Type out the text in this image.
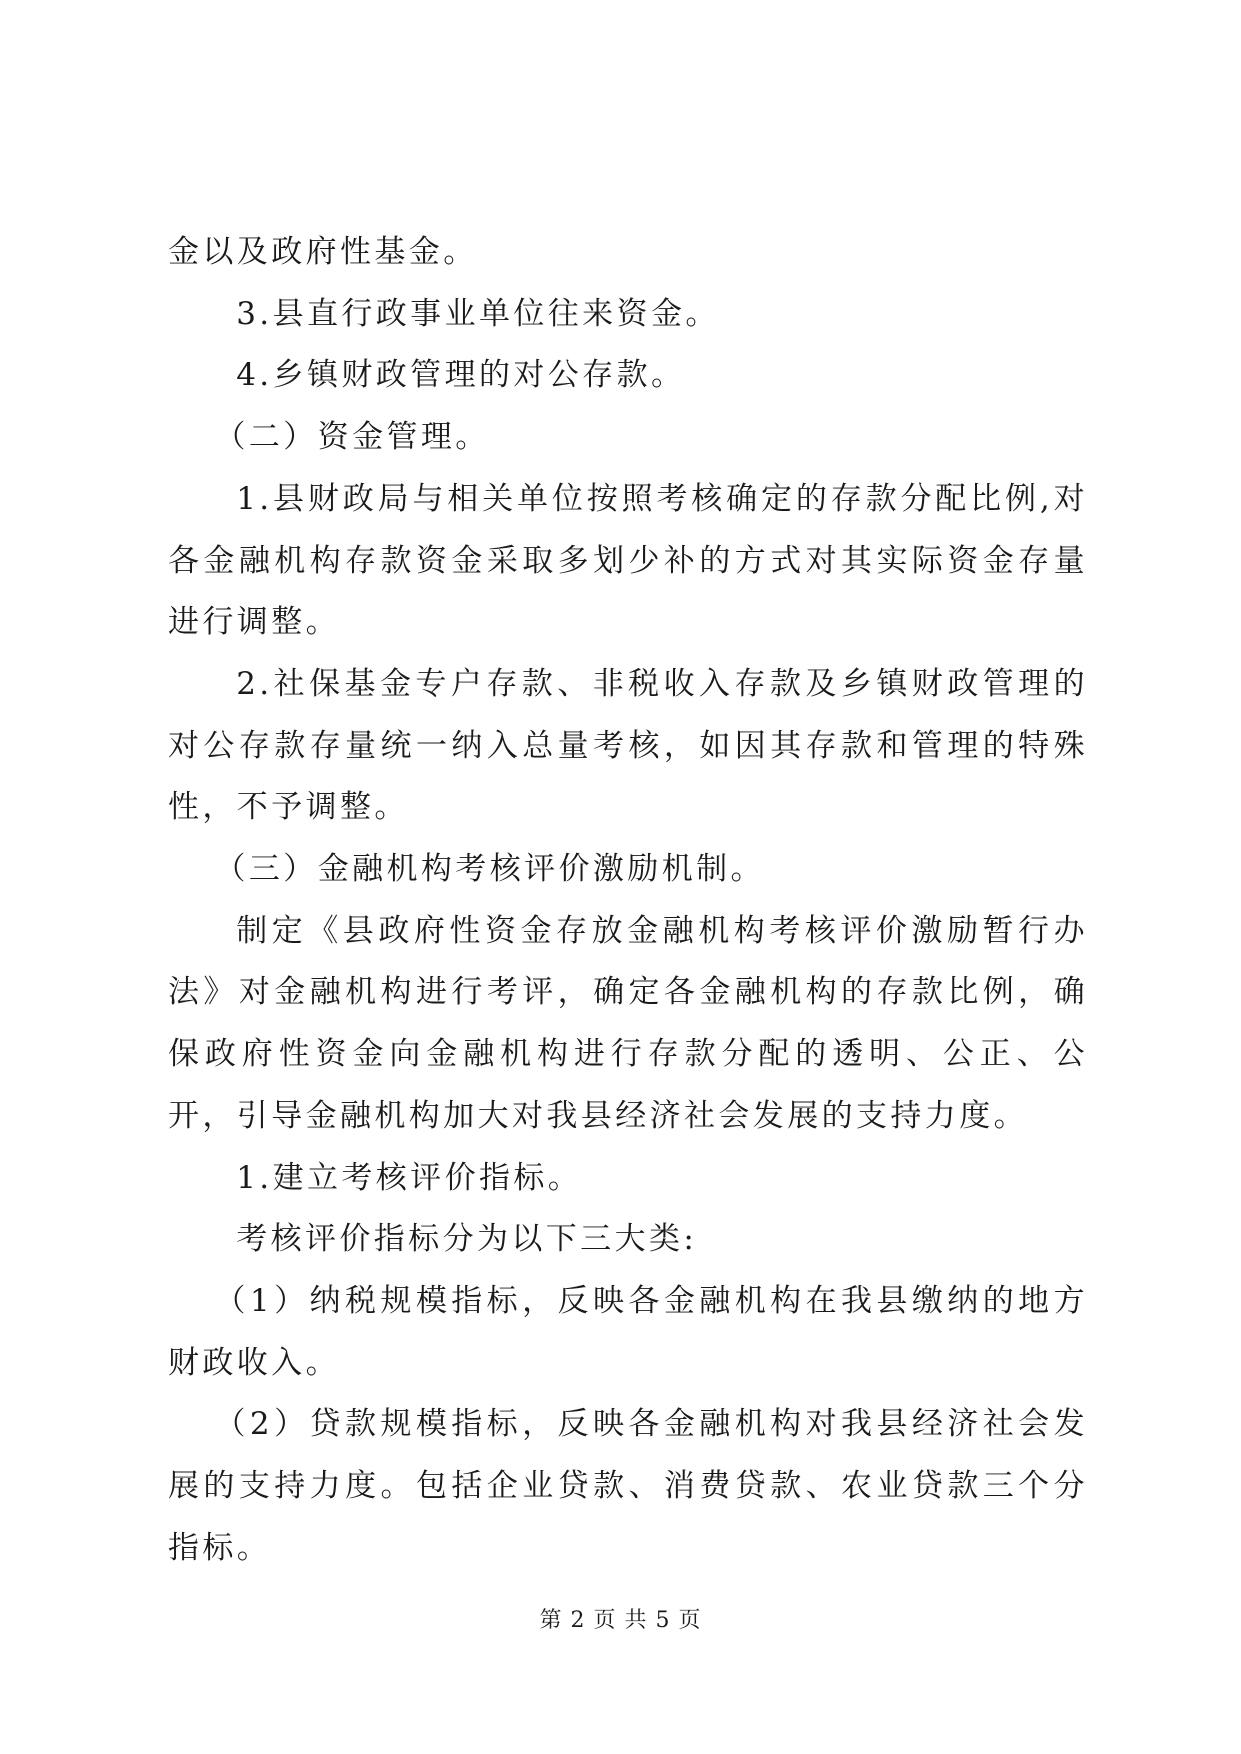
金以及政府性基金。

3.县直行政事业单位往来资金。

4.乡镇财政管理的对公存款。

（二）资金管理。

1.县财政局与相关单位按照考核确定的存款分配比例,对各金融机构存款资金采取多划少补的方式对其实际资金存量进行调整。

2.社保基金专户存款、非税收入存款及乡镇财政管理的对公存款存量统一纳入总量考核，如因其存款和管理的特殊性，不予调整。

（三）金融机构考核评价激励机制。

制定《县政府性资金存放金融机构考核评价激励暂行办法》对金融机构进行考评，确定各金融机构的存款比例，确保政府性资金向金融机构进行存款分配的透明、公正、公开，引导金融机构加大对我县经济社会发展的支持力度。

1.建立考核评价指标。

考核评价指标分为以下三大类:

（1）纳税规模指标，反映各金融机构在我县缴纳的地方财政收入。

（2）贷款规模指标，反映各金融机构对我县经济社会发展的支持力度。包括企业贷款、消费贷款、农业贷款三个分指标。

第 2 页 共 5 页
